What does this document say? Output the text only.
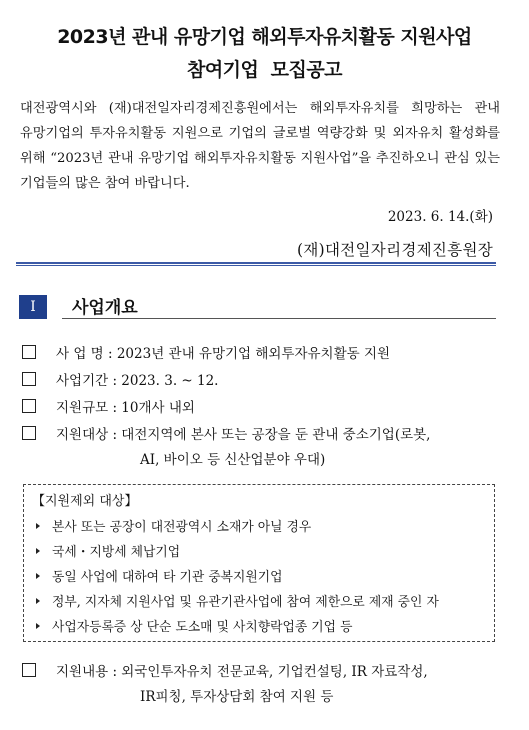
2023년 관내 유망기업 해외투자유치활동 지원사업
참여기업  모집공고
대전광역시와 (재)대전일자리경제진흥원에서는 해외투자유치를 희망하는 관내 유망기업의 투자유치활동 지원으로 기업의 글로벌 역량강화 및 외자유치 활성화를 위해 “2023년 관내 유망기업 해외투자유치활동 지원사업”을 추진하오니 관심 있는 기업들의 많은 참여 바랍니다.
2023. 6. 14.(화)
(재)대전일자리경제진흥원장
Ⅰ	사업개요
사 업 명 : 2023년 관내 유망기업 해외투자유치활동 지원
사업기간 : 2023. 3. ~ 12.
지원규모 : 10개사 내외
지원대상 : 대전지역에 본사 또는 공장을 둔 관내 중소기업(로봇,
AI, 바이오 등 신산업분야 우대)
【지원제외 대상】
본사 또는 공장이 대전광역시 소재가 아닐 경우
국세・지방세 체납기업
동일 사업에 대하여 타 기관 중복지원기업
정부, 지자체 지원사업 및 유관기관사업에 참여 제한으로 제재 중인 자
사업자등록증 상 단순 도소매 및 사치향락업종 기업 등
지원내용 : 외국인투자유치 전문교육, 기업컨설팅, IR 자료작성,
IR피칭, 투자상담회 참여 지원 등
